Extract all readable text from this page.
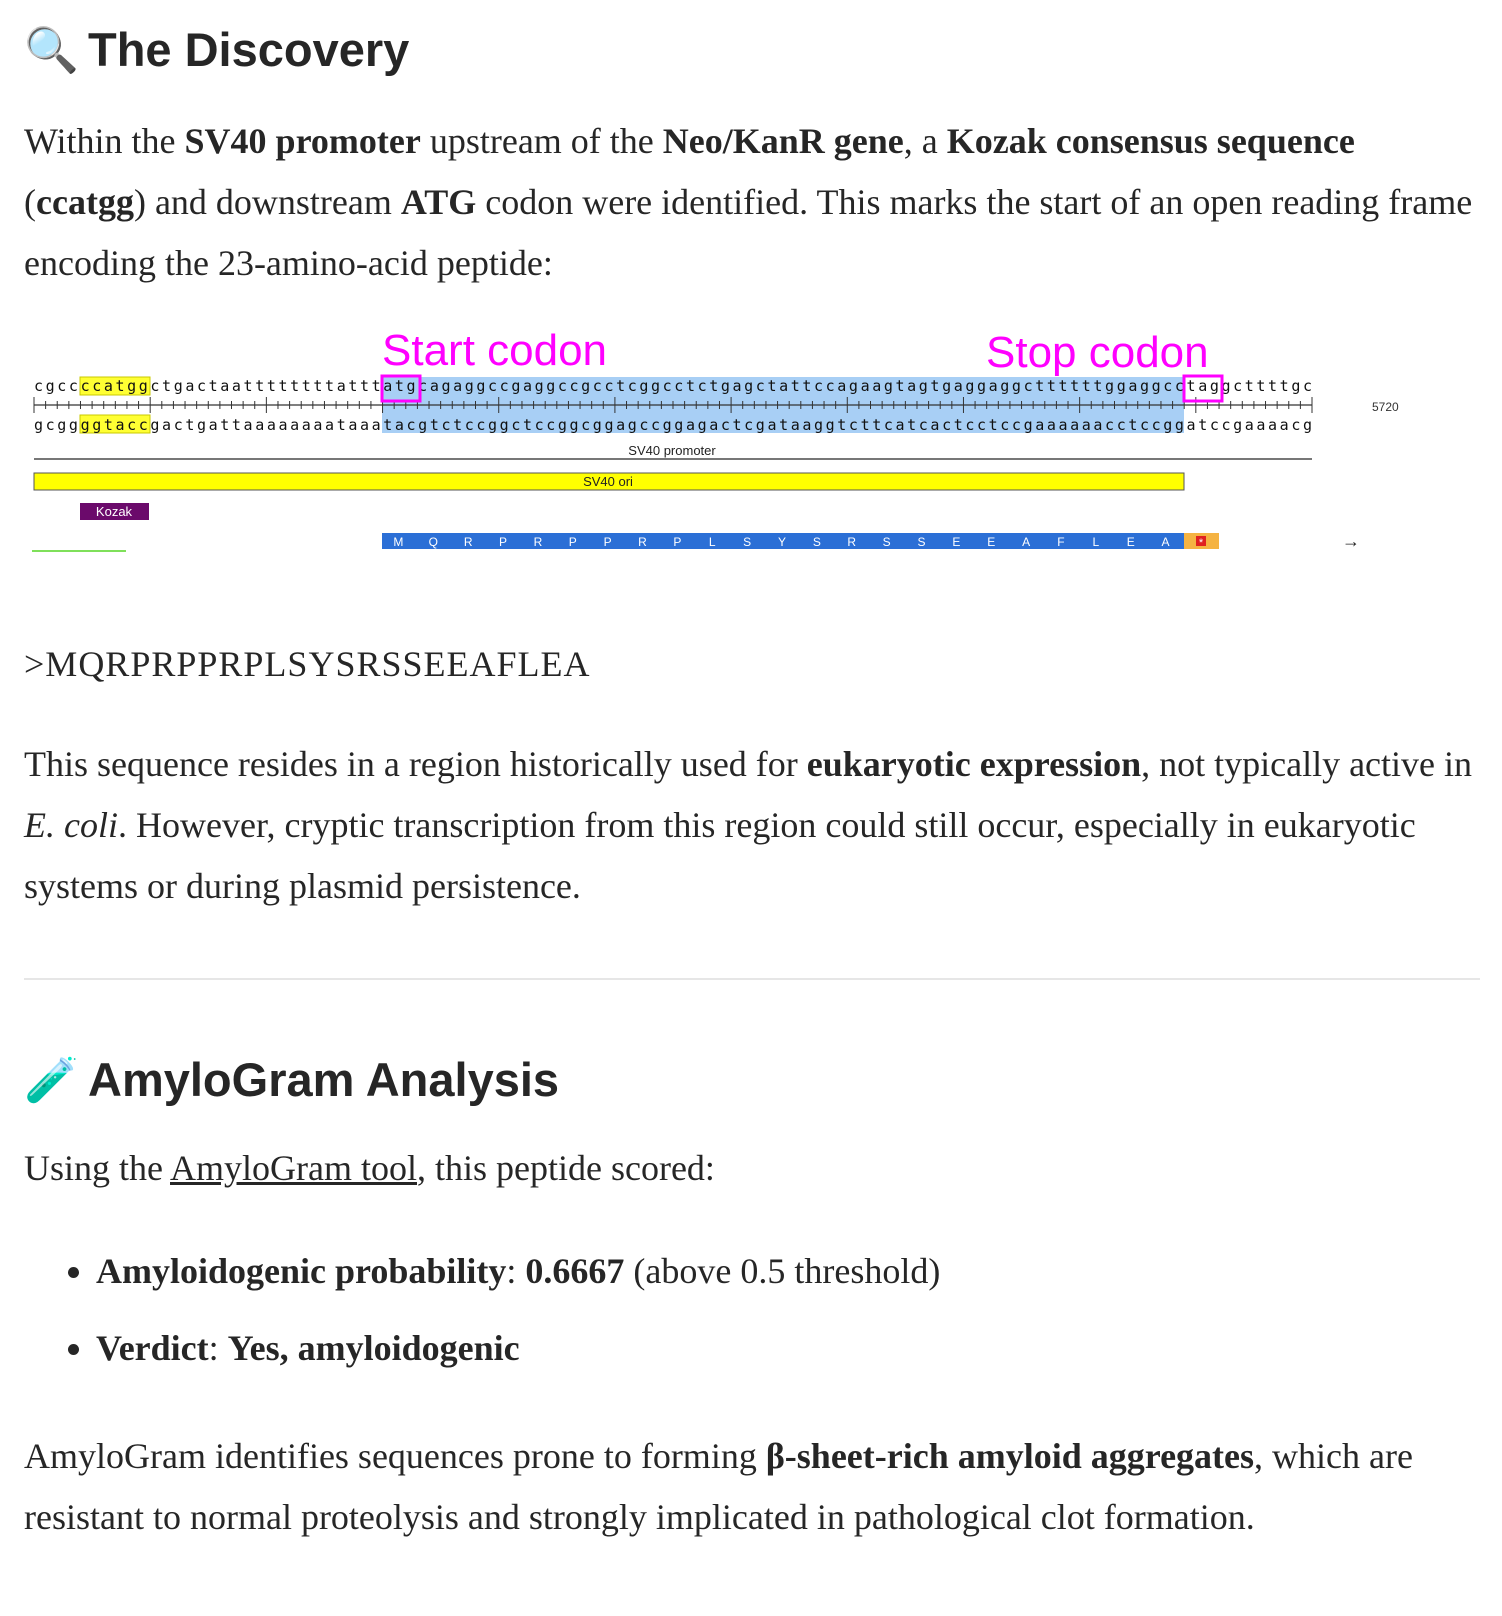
🔍 The Discovery

Within the SV40 promoter upstream of the Neo/KanR gene, a Kozak consensus sequence (ccatgg) and downstream ATG codon were identified. This marks the start of an open reading frame encoding the 23-amino-acid peptide:

Start codon	Stop codon
cgccccatggctgactaattttttttatttatgcagaggccgaggccgcctcggcctctgagctattccagaagtagtgaggaggcttttttggaggcctaggcttttgc
gcggggtaccgactgattaaaaaaaataaatacgtctccggctccggcggagccggagactcgataaggtcttcatcactcctccgaaaaaacctccggatccgaaaacg
5720
SV40 promoter
SV40 ori
Kozak
M Q R P R P P R P L S Y S R S S E E A F L E A	*	→

>MQRPRPPRPLSYSRSSEEAFLEA

This sequence resides in a region historically used for eukaryotic expression, not typically active in E. coli. However, cryptic transcription from this region could still occur, especially in eukaryotic systems or during plasmid persistence.

🧪 AmyloGram Analysis

Using the AmyloGram tool, this peptide scored:

• Amyloidogenic probability: 0.6667 (above 0.5 threshold)
• Verdict: Yes, amyloidogenic

AmyloGram identifies sequences prone to forming β-sheet-rich amyloid aggregates, which are resistant to normal proteolysis and strongly implicated in pathological clot formation.
